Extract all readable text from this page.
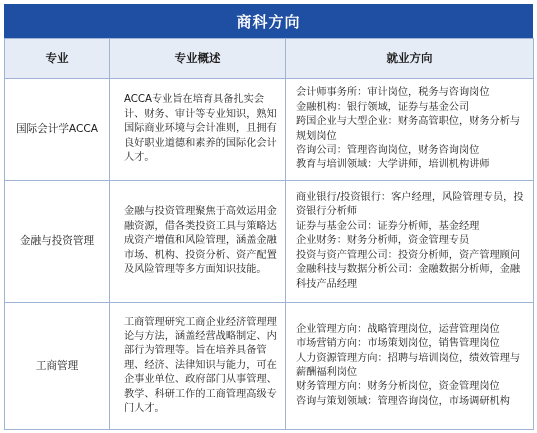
商科方向
专业	专业概述	就业方向
国际会计学ACCA	ACCA专业旨在培育具备扎实会计、财务、审计等专业知识，熟知国际商业环境与会计准则，且拥有良好职业道德和素养的国际化会计人才。	会计师事务所：审计岗位，税务与咨询岗位
金融机构：银行领域，证券与基金公司
跨国企业与大型企业：财务高管职位，财务分析与规划岗位
咨询公司：管理咨询岗位，财务咨询岗位
教育与培训领域：大学讲师，培训机构讲师

金融与投资管理	金融与投资管理聚焦于高效运用金融资源，借各类投资工具与策略达成资产增值和风险管理，涵盖金融市场、机构、投资分析、资产配置及风险管理等多方面知识技能。	商业银行/投资银行：客户经理，风险管理专员，投资银行分析师
证券与基金公司：证券分析师，基金经理
企业财务：财务分析师，资金管理专员
投资与资产管理公司：投资分析师，资产管理顾问
金融科技与数据分析公司：金融数据分析师，金融科技产品经理

工商管理	工商管理研究工商企业经济管理理论与方法，涵盖经营战略制定、内部行为管理等。旨在培养具备管理、经济、法律知识与能力，可在企事业单位、政府部门从事管理、教学、科研工作的工商管理高级专门人才。	企业管理方向：战略管理岗位，运营管理岗位
市场营销方向：市场策划岗位，销售管理岗位
人力资源管理方向：招聘与培训岗位，绩效管理与薪酬福利岗位
财务管理方向：财务分析岗位，资金管理岗位
咨询与策划领域：管理咨询岗位，市场调研机构
